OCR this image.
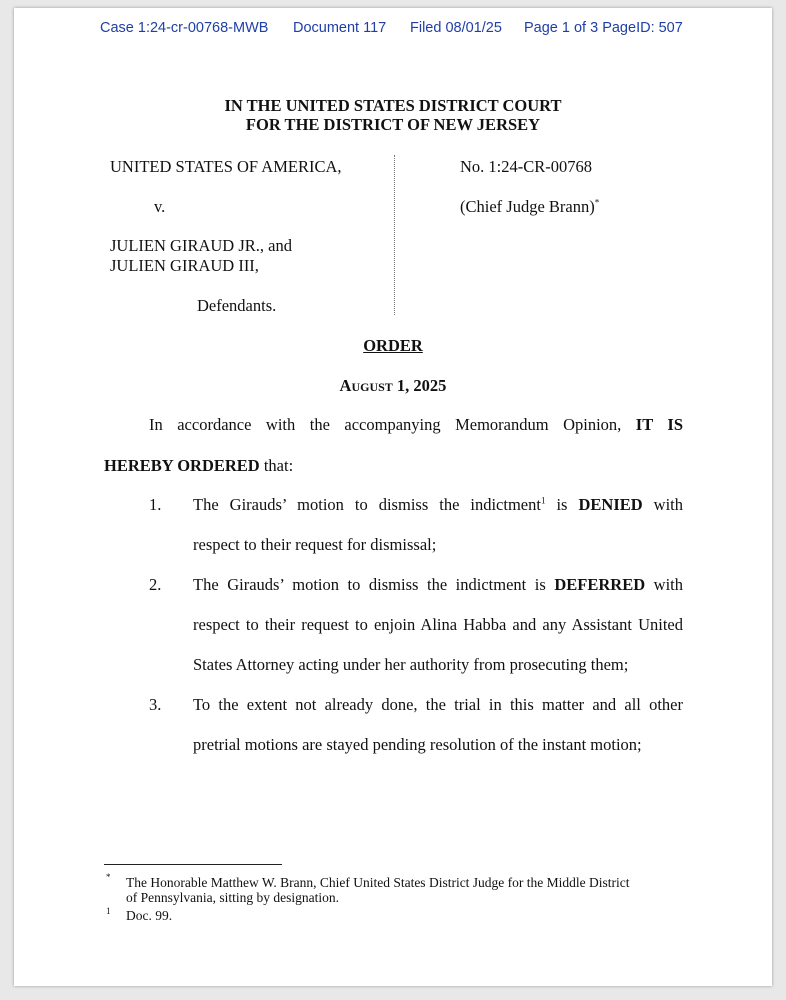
Case 1:24-cr-00768-MWB Document 117 Filed 08/01/25 Page 1 of 3 PageID: 507
IN THE UNITED STATES DISTRICT COURT
FOR THE DISTRICT OF NEW JERSEY
UNITED STATES OF AMERICA,
v.
JULIEN GIRAUD JR., and
JULIEN GIRAUD III,
Defendants.
No. 1:24-CR-00768
(Chief Judge Brann)*
ORDER
August 1, 2025
In accordance with the accompanying Memorandum Opinion, IT IS
HEREBY ORDERED that:
1. The Girauds’ motion to dismiss the indictment$^1$ is DENIED with
respect to their request for dismissal;
2. The Girauds’ motion to dismiss the indictment is DEFERRED with
respect to their request to enjoin Alina Habba and any Assistant United
States Attorney acting under her authority from prosecuting them;
3. To the extent not already done, the trial in this matter and all other
pretrial motions are stayed pending resolution of the instant motion;
* The Honorable Matthew W. Brann, Chief United States District Judge for the Middle District
of Pennsylvania, sitting by designation.
1 Doc. 99.
